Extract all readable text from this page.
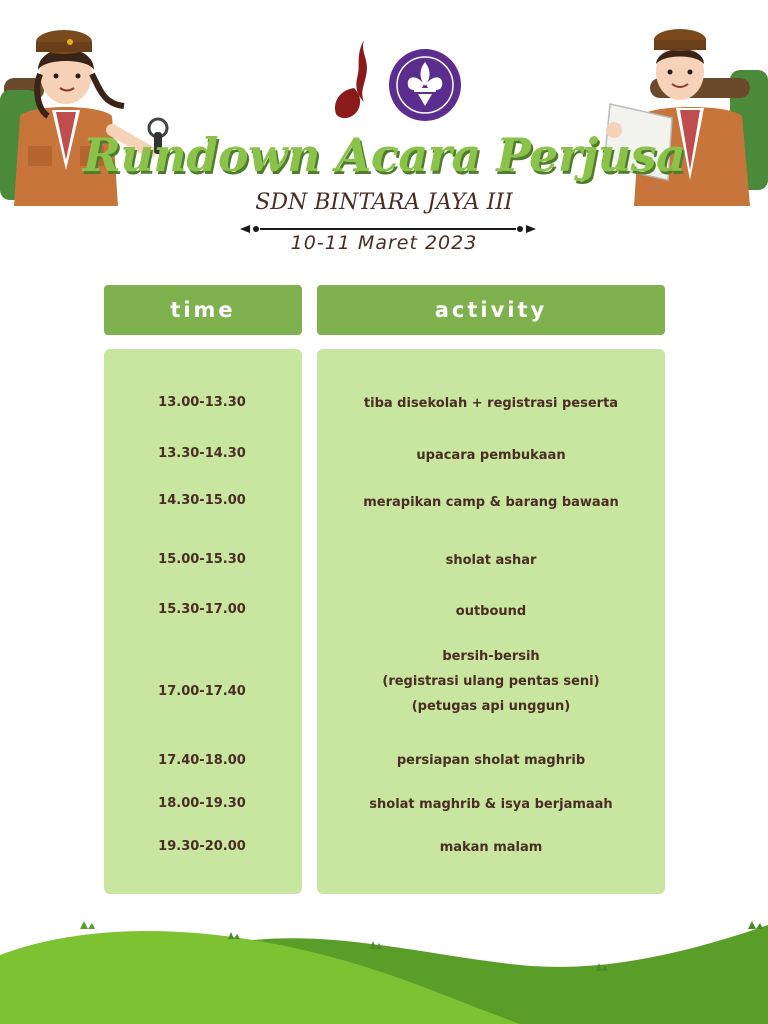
Rundown Acara Perjusa
SDN BINTARA JAYA III
10-11 Maret 2023
time	activity
13.00-13.30
13.30-14.30
14.30-15.00
15.00-15.30
15.30-17.00
17.00-17.40
17.40-18.00
18.00-19.30
19.30-20.00
tiba disekolah + registrasi peserta
upacara pembukaan
merapikan camp & barang bawaan
sholat ashar
outbound
bersih-bersih
(registrasi ulang pentas seni)
(petugas api unggun)
persiapan sholat maghrib
sholat maghrib & isya berjamaah
makan malam
